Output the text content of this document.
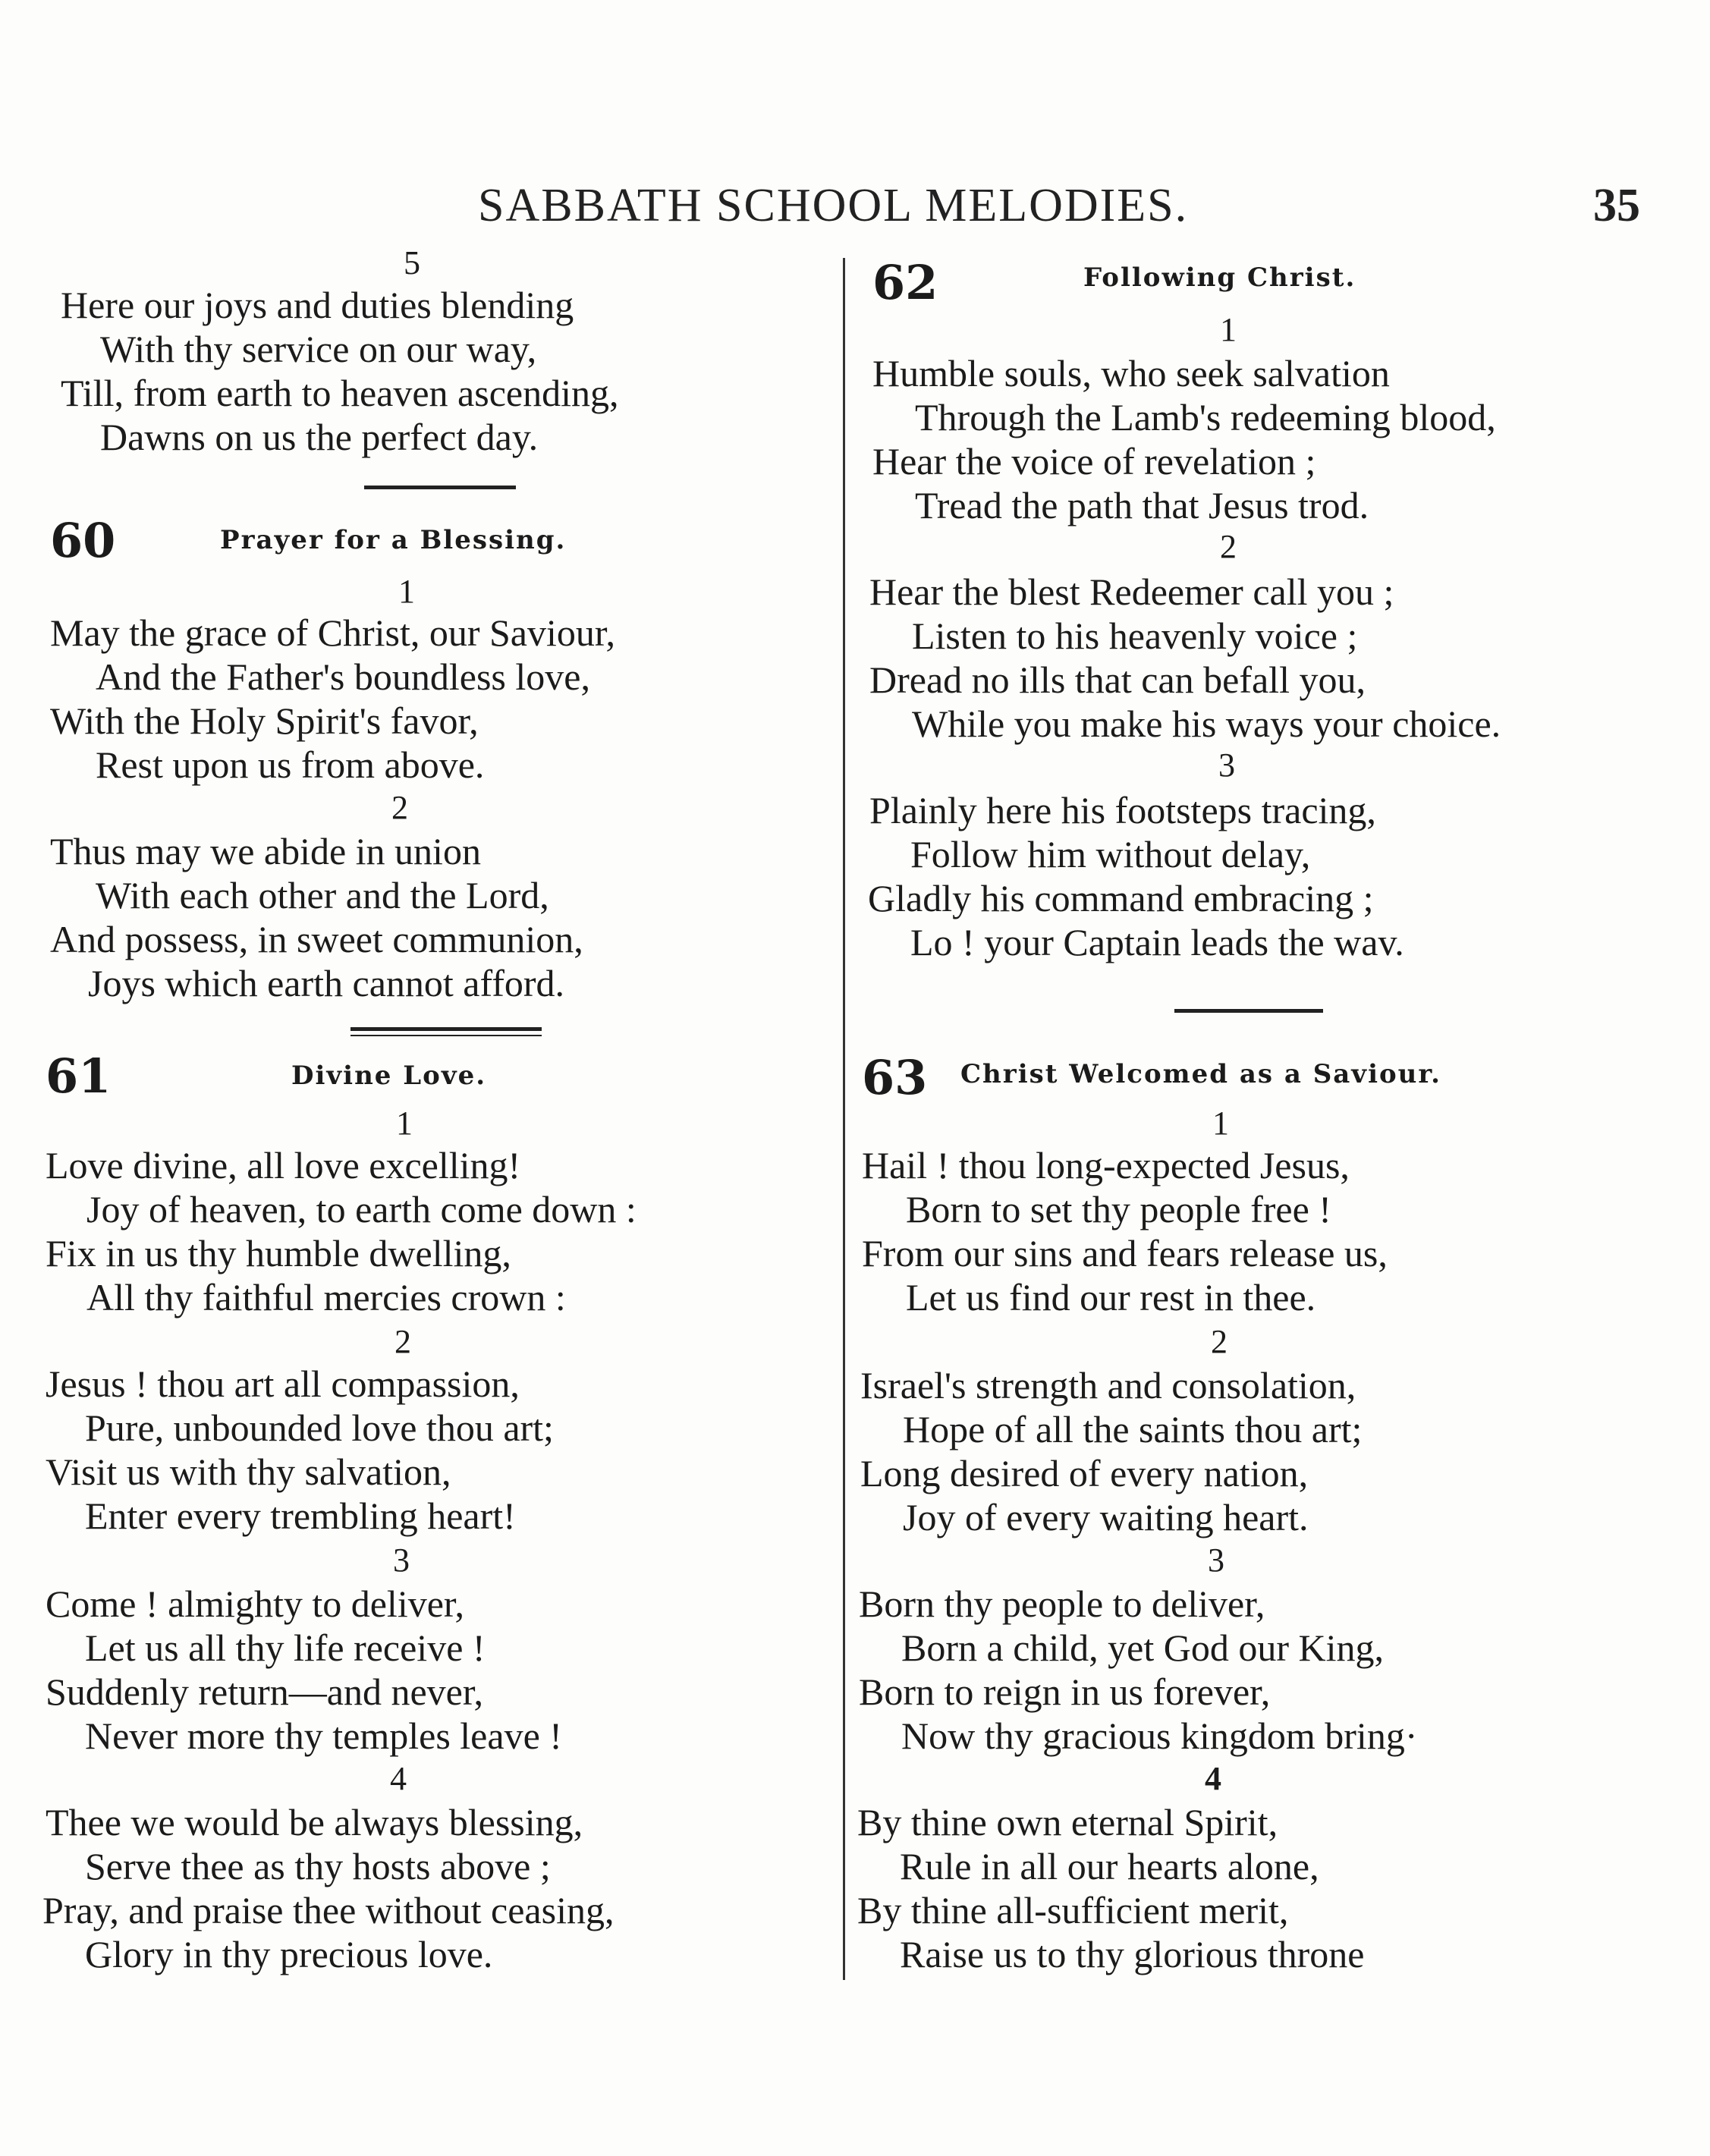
SABBATH SCHOOL MELODIES.	35
5
Here our joys and duties blending
With thy service on our way,
Till, from earth to heaven ascending,
Dawns on us the perfect day.
60	Prayer for a Blessing.
1
May the grace of Christ, our Saviour,
And the Father's boundless love,
With the Holy Spirit's favor,
Rest upon us from above.
2
Thus may we abide in union
With each other and the Lord,
And possess, in sweet communion,
Joys which earth cannot afford.
61	Divine Love.
1
Love divine, all love excelling!
Joy of heaven, to earth come down :
Fix in us thy humble dwelling,
All thy faithful mercies crown :
2
Jesus ! thou art all compassion,
Pure, unbounded love thou art;
Visit us with thy salvation,
Enter every trembling heart!
3
Come ! almighty to deliver,
Let us all thy life receive !
Suddenly return—and never,
Never more thy temples leave !
4
Thee we would be always blessing,
Serve thee as thy hosts above ;
Pray, and praise thee without ceasing,
Glory in thy precious love.
62	Following Christ.
1
Humble souls, who seek salvation
Through the Lamb's redeeming blood,
Hear the voice of revelation ;
Tread the path that Jesus trod.
2
Hear the blest Redeemer call you ;
Listen to his heavenly voice ;
Dread no ills that can befall you,
While you make his ways your choice.
3
Plainly here his footsteps tracing,
Follow him without delay,
Gladly his command embracing ;
Lo ! your Captain leads the wav.
63 Christ Welcomed as a Saviour.
1
Hail ! thou long-expected Jesus,
Born to set thy people free !
From our sins and fears release us,
Let us find our rest in thee.
2
Israel's strength and consolation,
Hope of all the saints thou art;
Long desired of every nation,
Joy of every waiting heart.
3
Born thy people to deliver,
Born a child, yet God our King,
Born to reign in us forever,
Now thy gracious kingdom bring·
4
By thine own eternal Spirit,
Rule in all our hearts alone,
By thine all-sufficient merit,
Raise us to thy glorious throne
